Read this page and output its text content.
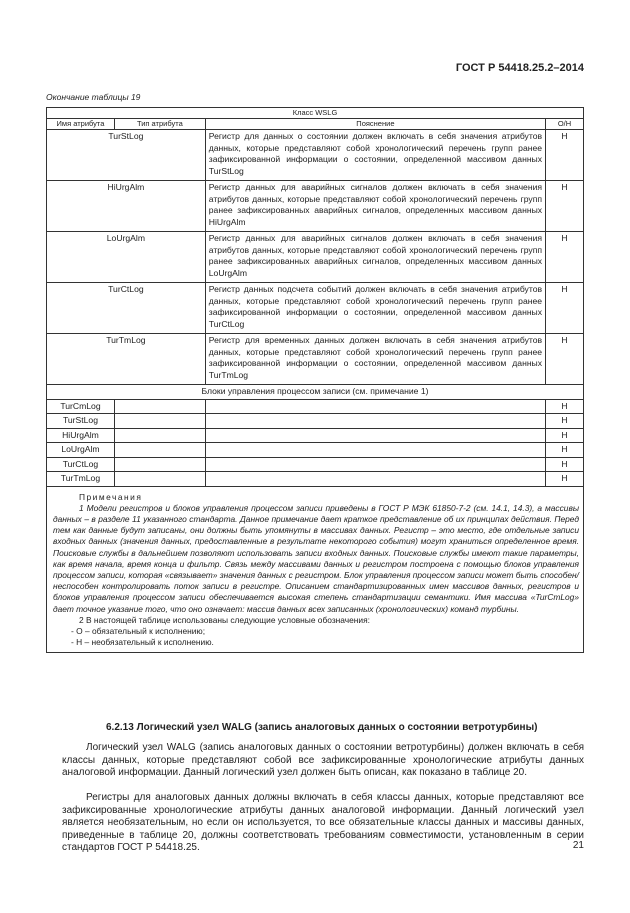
ГОСТ Р 54418.25.2–2014
Окончание таблицы 19
Класс WSLG			
Имя атрибута	Тип атрибута	Пояснение	О/Н
TurStLog		Регистр для данных о состоянии должен включать в себя значения атрибутов данных, которые представляют собой хронологический перечень групп ранее зафиксированной информации о состоянии, определенной массивом данных TurStLog	Н
HiUrgAlm		Регистр данных для аварийных сигналов должен включать в себя значения атрибутов данных, которые представляют собой хронологический перечень групп ранее зафиксированных аварийных сигналов, определенных массивом данных HiUrgAlm	Н
LoUrgAlm		Регистр данных для аварийных сигналов должен включать в себя значения атрибутов данных, которые представляют собой хронологический перечень групп ранее зафиксированных аварийных сигналов, определенных массивом данных LoUrgAlm	Н
TurCtLog		Регистр данных подсчета событий должен включать в себя значения атрибутов данных, которые представляют собой хронологический перечень групп ранее зафиксированной информации о состоянии, определенной массивом данных TurCtLog	Н
TurTmLog		Регистр для временных данных должен включать в себя значения атрибутов данных, которые представляют собой хронологический перечень групп ранее зафиксированной информации о состоянии, определенной массивом данных TurTmLog	Н
Блоки управления процессом записи (см. примечание 1)			
TurCmLog			Н
TurStLog			Н
HiUrgAlm			Н
LoUrgAlm			Н
TurCtLog			Н
TurTmLog			Н

Примечания
1 Модели регистров и блоков управления процессом записи приведены в ГОСТ Р МЭК 61850-7-2 (см. 14.1, 14.3), а массивы данных – в разделе 11 указанного стандарта. Данное примечание дает краткое представление об их принципах действия. Перед тем как данные будут записаны, они должны быть упомянуты в массивах данных. Регистр – это место, где отдельные записи входных данных (значения данных, предоставленные в результате некоторого события) могут храниться определенное время. Поисковые службы в дальнейшем позволяют использовать записи входных данных. Поисковые службы имеют такие параметры, как время начала, время конца и фильтр. Связь между массивами данных и регистром построена с помощью блоков управления процессом записи, которая «связывает» значения данных с регистром. Блок управления процессом записи может быть способен/неспособен контролировать поток записи в регистре. Описанием стандартизированных имен массивов данных, регистров и блоков управления процессом записи обеспечивается высокая степень стандартизации семантики. Имя массива «TurCmLog» дает точное указание того, что оно означает: массив данных всех записанных (хронологических) команд турбины.
2 В настоящей таблице использованы следующие условные обозначения:
- О – обязательный к исполнению;
- Н – необязательный к исполнению.			
6.2.13 Логический узел WALG (запись аналоговых данных о состоянии ветротурбины)
Логический узел WALG (запись аналоговых данных о состоянии ветротурбины) должен включать в себя классы данных, которые представляют собой все зафиксированные хронологические атрибуты данных аналоговой информации. Данный логический узел должен быть описан, как показано в таблице 20.
Регистры для аналоговых данных должны включать в себя классы данных, которые представляют все зафиксированные хронологические атрибуты данных аналоговой информации. Данный логический узел является необязательным, но если он используется, то все обязательные классы данных и массивы данных, приведенные в таблице 20, должны соответствовать требованиям совместимости, установленным в серии стандартов ГОСТ Р 54418.25.	21
